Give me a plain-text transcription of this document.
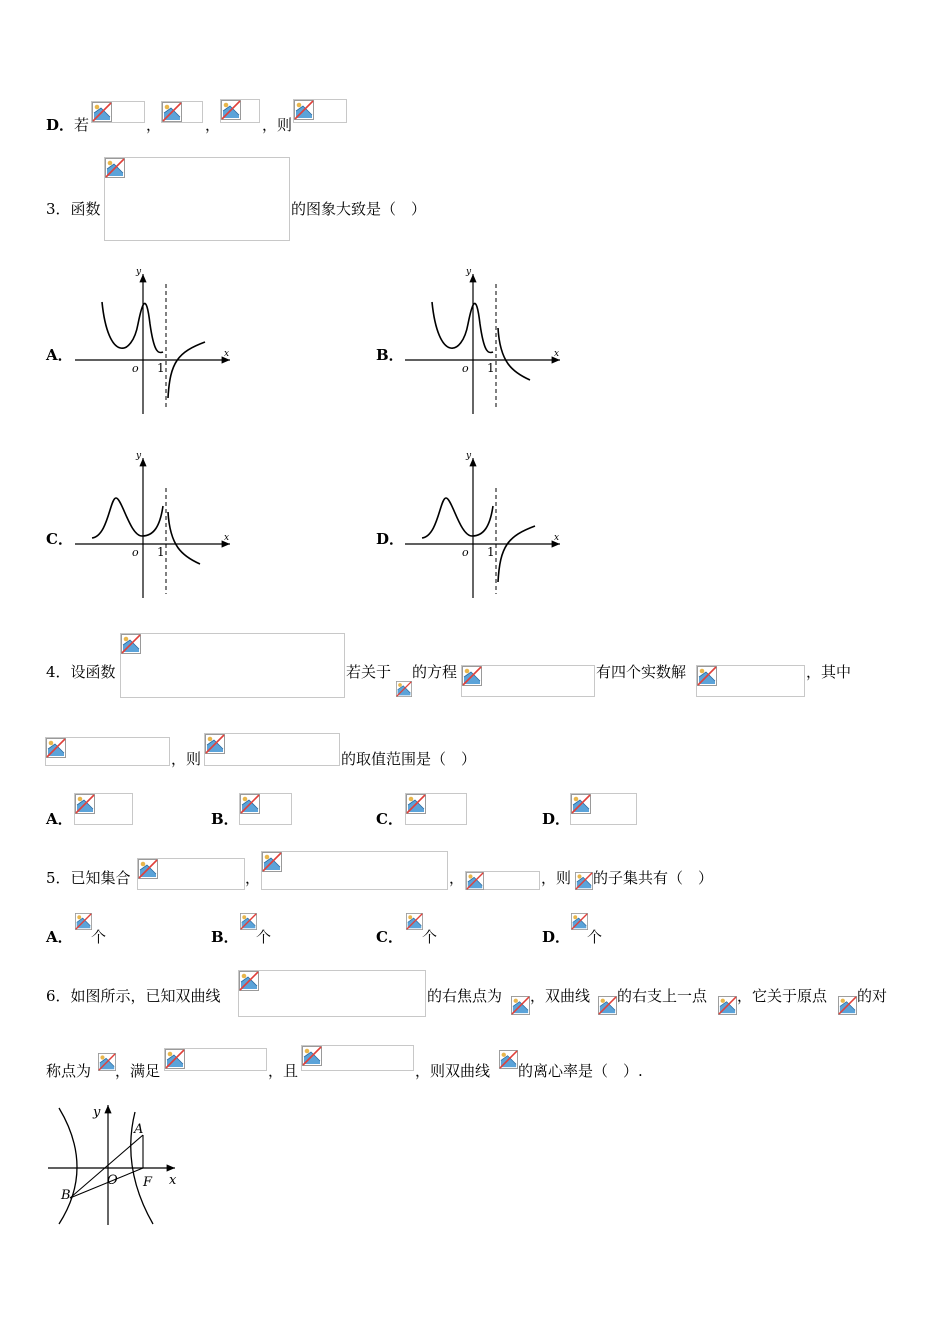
D． 若	，	，	，则
3．函数	的图象大致是（　）
A．	B．
C．	D．
y
x
o 1
y
x
o 1
y
x
o 1
y
x
o 1
4．设函数	若关于 的方程	有四个实数解	，其中
，则	的取值范围是（　）
A．	B．	C．	D．
5．已知集合	，	，	，则 的子集共有（　）
A． 个	B． 个	C． 个	D． 个
6．如图所示，已知双曲线	的右焦点为 ，双曲线 的右支上一点 ，它关于原点 的对
称点为 ，满足	，且	，则双曲线 的离心率是（　）.
y
x
A
B
O F
